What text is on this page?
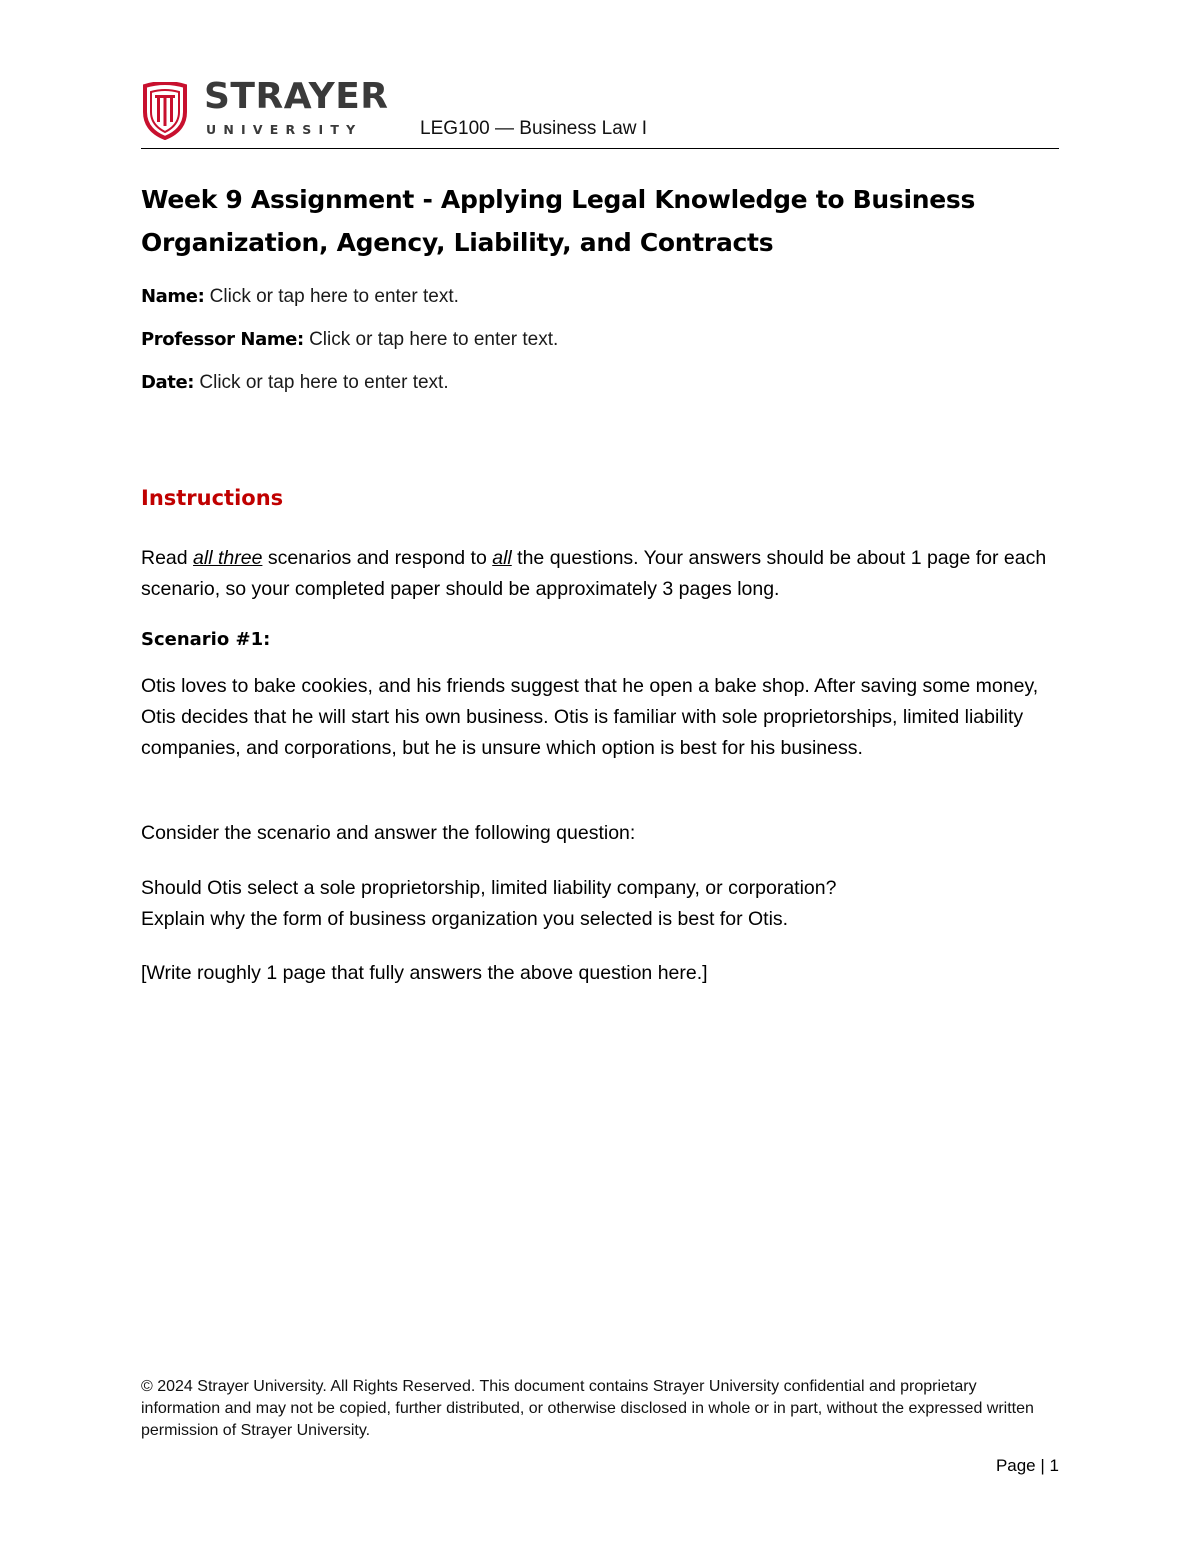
STRAYER
UNIVERSITY	LEG100 — Business Law I
Week 9 Assignment - Applying Legal Knowledge to Business
Organization, Agency, Liability, and Contracts
Name: Click or tap here to enter text.
Professor Name: Click or tap here to enter text.
Date: Click or tap here to enter text.
Instructions
Read all three scenarios and respond to all the questions. Your answers should be about 1 page for each scenario, so your completed paper should be approximately 3 pages long.
Scenario #1:
Otis loves to bake cookies, and his friends suggest that he open a bake shop. After saving some money, Otis decides that he will start his own business. Otis is familiar with sole proprietorships, limited liability companies, and corporations, but he is unsure which option is best for his business.
Consider the scenario and answer the following question:
Should Otis select a sole proprietorship, limited liability company, or corporation?
Explain why the form of business organization you selected is best for Otis.
[Write roughly 1 page that fully answers the above question here.]
© 2024 Strayer University. All Rights Reserved. This document contains Strayer University confidential and proprietary information and may not be copied, further distributed, or otherwise disclosed in whole or in part, without the expressed written permission of Strayer University.
Page | 1
